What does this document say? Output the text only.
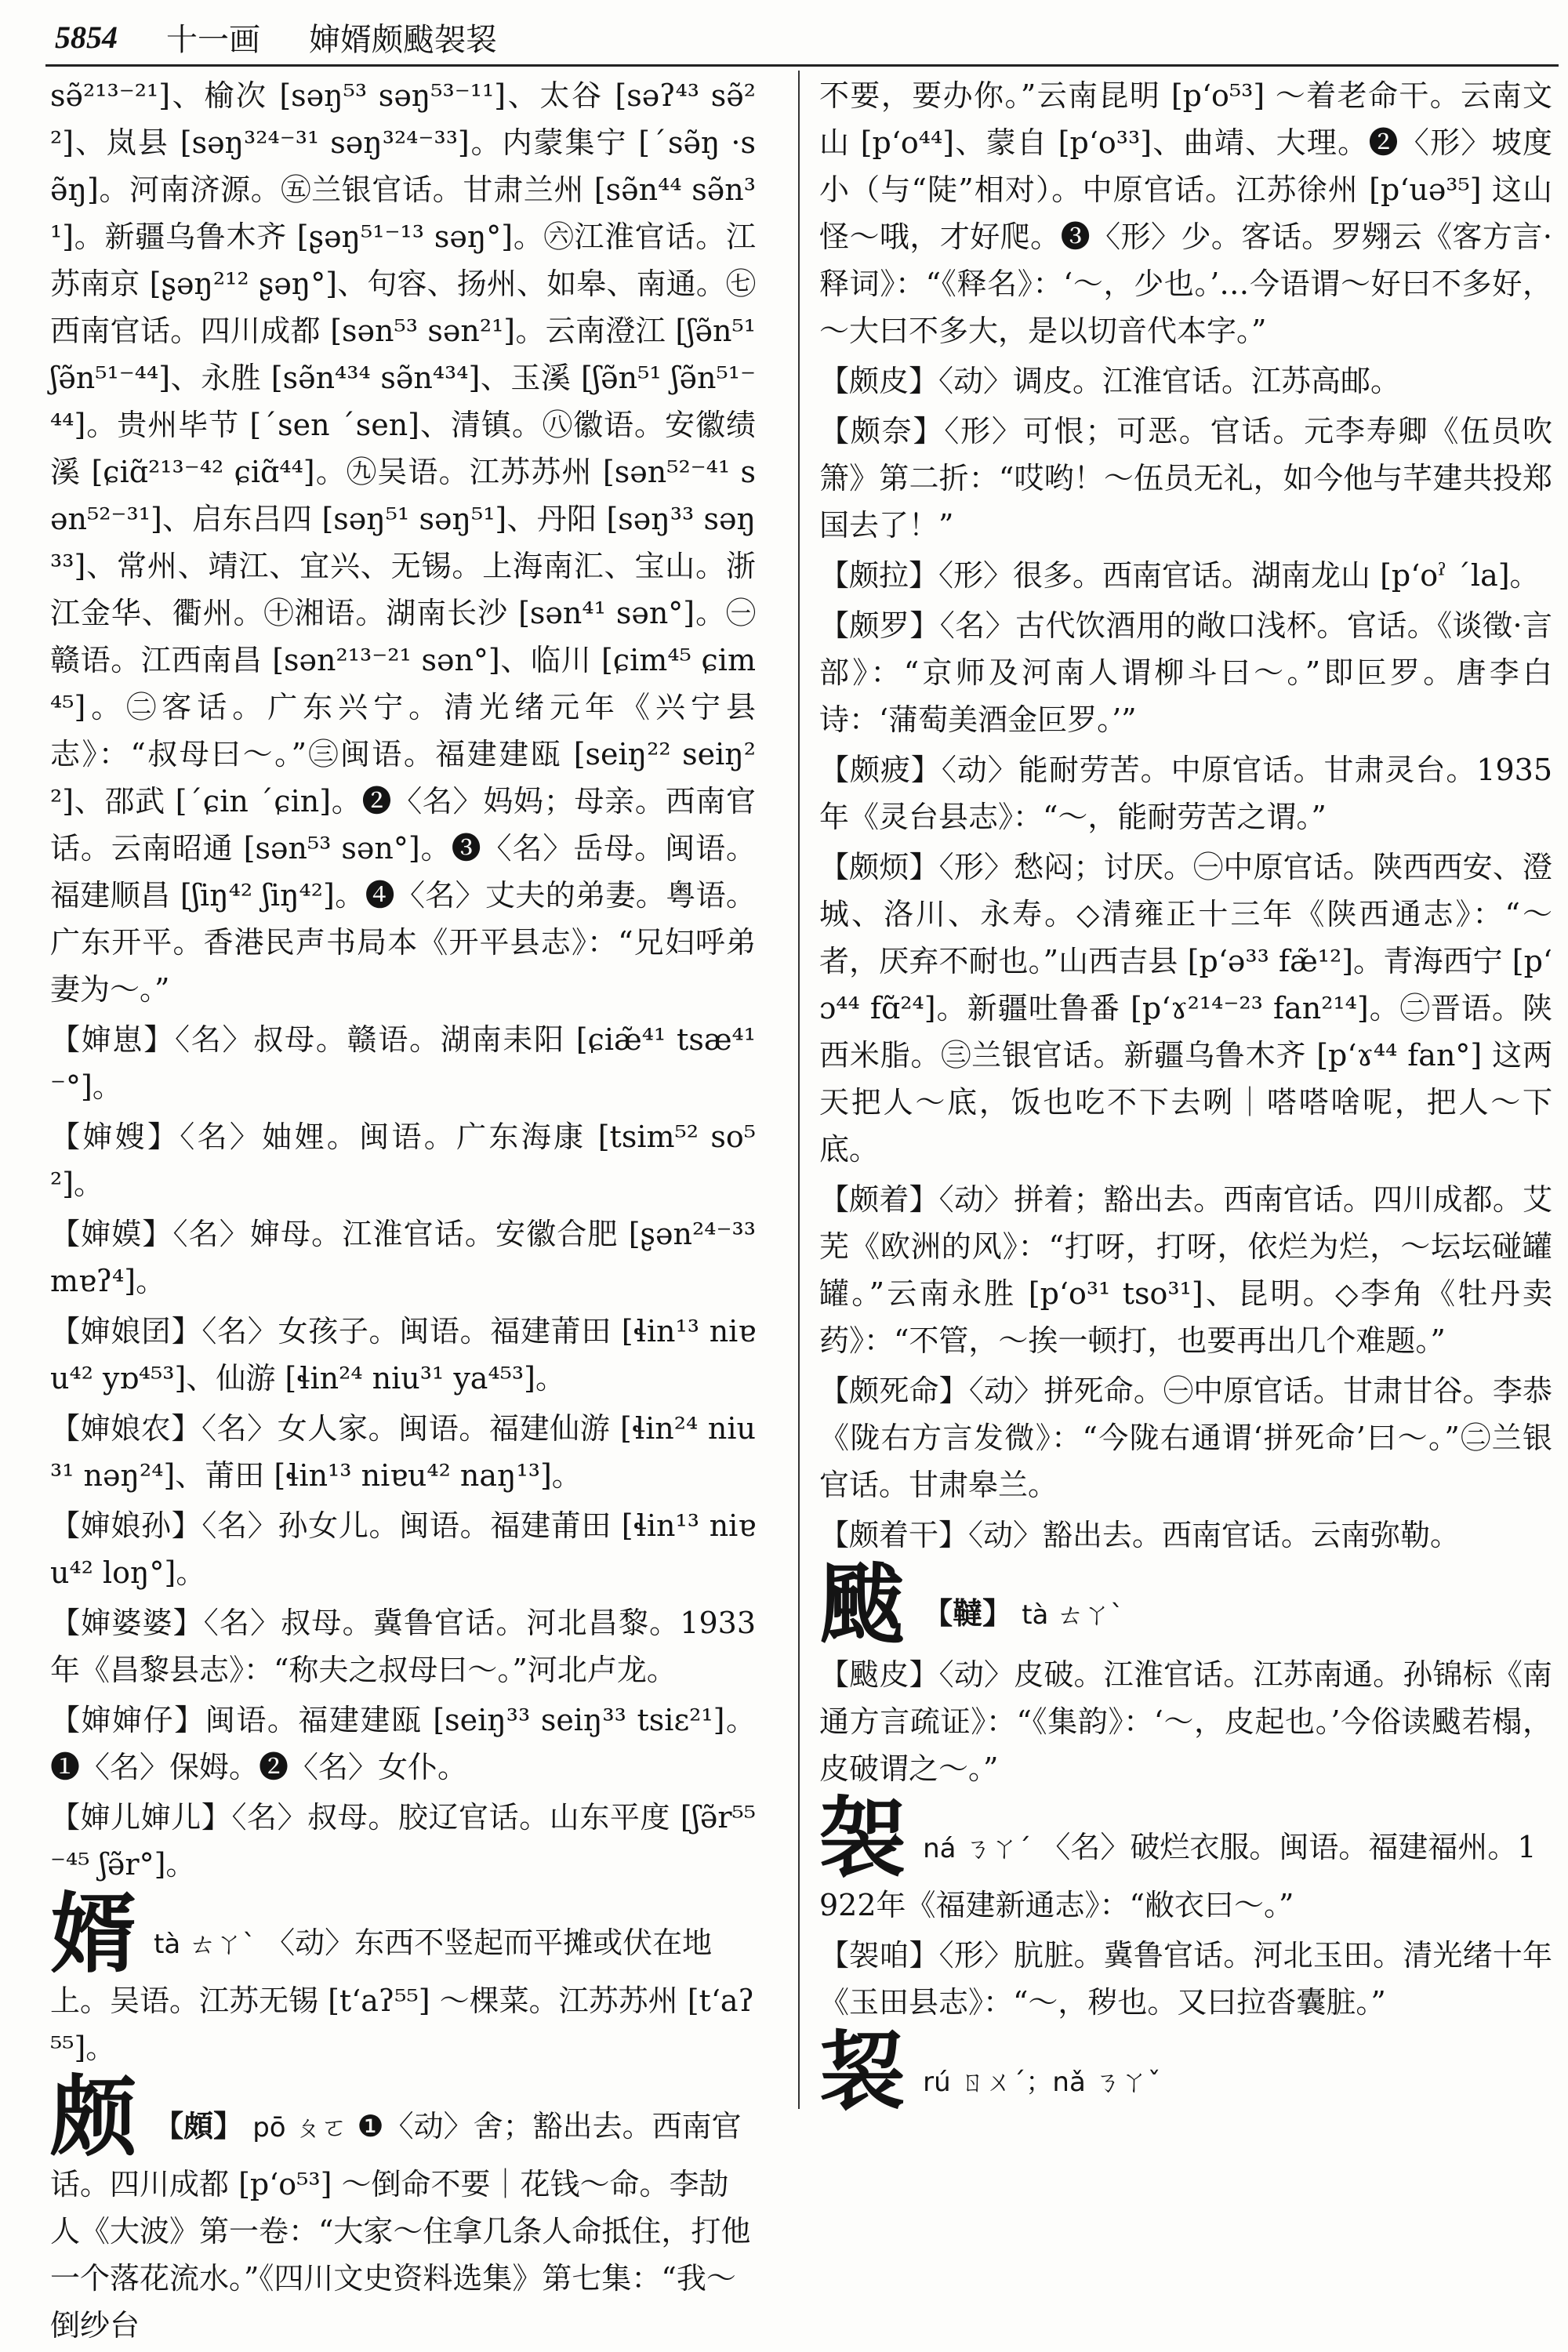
5854 十一画 婶婿颇颰袈袃

sə̃²¹³⁻²¹]、榆次 [səŋ⁵³ səŋ⁵³⁻¹¹]、太谷 [səʔ⁴³ sə̃²²]、岚县 [səŋ³²⁴⁻³¹ səŋ³²⁴⁻³³]。内蒙集宁 [ˊsə̃ŋ ·sə̃ŋ]。河南济源。㊄兰银官话。甘肃兰州 [sə̃n⁴⁴ sə̃n³¹]。新疆乌鲁木齐 [ʂəŋ⁵¹⁻¹³ səŋ°]。㊅江淮官话。江苏南京 [ʂəŋ²¹² ʂəŋ°]、句容、扬州、如皋、南通。㊆西南官话。四川成都 [sən⁵³ sən²¹]。云南澄江 [ʃə̃n⁵¹ ʃə̃n⁵¹⁻⁴⁴]、永胜 [sə̃n⁴³⁴ sə̃n⁴³⁴]、玉溪 [ʃə̃n⁵¹ ʃə̃n⁵¹⁻⁴⁴]。贵州毕节 [ˊsen ˊsen]、清镇。㊇徽语。安徽绩溪 [ɕiɑ̃²¹³⁻⁴² ɕiɑ̃⁴⁴]。㊈吴语。江苏苏州 [sən⁵²⁻⁴¹ sən⁵²⁻³¹]、启东吕四 [səŋ⁵¹ səŋ⁵¹]、丹阳 [səŋ³³ səŋ³³]、常州、靖江、宜兴、无锡。上海南汇、宝山。浙江金华、衢州。㊉湘语。湖南长沙 [sən⁴¹ sən°]。㊀赣语。江西南昌 [sən²¹³⁻²¹ sən°]、临川 [ɕim⁴⁵ ɕim⁴⁵]。㊁客话。广东兴宁。清光绪元年《兴宁县志》：“叔母曰～。”㊂闽语。福建建瓯 [seiŋ²² seiŋ²²]、邵武 [ˊɕin ˊɕin]。❷〈名〉妈妈；母亲。西南官话。云南昭通 [sən⁵³ sən°]。❸〈名〉岳母。闽语。福建顺昌 [ʃiŋ⁴² ʃiŋ⁴²]。❹〈名〉丈夫的弟妻。粤语。广东开平。香港民声书局本《开平县志》：“兄妇呼弟妻为～。”

【婶崽】〈名〉叔母。赣语。湖南耒阳 [ɕiæ̃⁴¹ tsæ⁴¹⁻°]。

【婶嫂】〈名〉妯娌。闽语。广东海康 [tsim⁵² so⁵²]。

【婶嫫】〈名〉婶母。江淮官话。安徽合肥 [ʂən²⁴⁻³³ mɐʔ⁴]。

【婶娘囝】〈名〉女孩子。闽语。福建莆田 [ɬin¹³ niɐu⁴² yɒ⁴⁵³]、仙游 [ɬin²⁴ niu³¹ ya⁴⁵³]。

【婶娘农】〈名〉女人家。闽语。福建仙游 [ɬin²⁴ niu³¹ nəŋ²⁴]、莆田 [ɬin¹³ niɐu⁴² naŋ¹³]。

【婶娘孙】〈名〉孙女儿。闽语。福建莆田 [ɬin¹³ niɐu⁴² loŋ°]。

【婶婆婆】〈名〉叔母。冀鲁官话。河北昌黎。1933年《昌黎县志》：“称夫之叔母曰～。”河北卢龙。

【婶婶仔】闽语。福建建瓯 [seiŋ³³ seiŋ³³ tsiɛ²¹]。❶〈名〉保姆。❷〈名〉女仆。

【婶儿婶儿】〈名〉叔母。胶辽官话。山东平度 [ʃə̃r⁵⁵⁻⁴⁵ ʃə̃r°]。

婿 tà ㄊㄚˋ 〈动〉东西不竖起而平摊或伏在地上。吴语。江苏无锡 [tʻaʔ⁵⁵] ～棵菜。江苏苏州 [tʻaʔ⁵⁵]。
颇 【頗】 pō ㄆㄛ ❶〈动〉舍；豁出去。西南官话。四川成都 [pʻo⁵³] ～倒命不要｜花钱～命。李劼人《大波》第一卷：“大家～住拿几条人命抵住，打他一个落花流水。”《四川文史资料选集》第七集：“我～倒纱台

不要，要办你。”云南昆明 [pʻo⁵³] ～着老命干。云南文山 [pʻo⁴⁴]、蒙自 [pʻo³³]、曲靖、大理。❷〈形〉坡度小（与“陡”相对）。中原官话。江苏徐州 [pʻuə³⁵] 这山怪～哦，才好爬。❸〈形〉少。客话。罗翙云《客方言·释词》：“《释名》：‘～，少也。’…今语谓～好曰不多好，～大曰不多大，是以切音代本字。”

【颇皮】〈动〉调皮。江淮官话。江苏高邮。

【颇奈】〈形〉可恨；可恶。官话。元李寿卿《伍员吹箫》第二折：“哎哟！～伍员无礼，如今他与芊建共投郑国去了！”

【颇拉】〈形〉很多。西南官话。湖南龙山 [pʻoˀ ˊla]。

【颇罗】〈名〉古代饮酒用的敞口浅杯。官话。《谈徵·言部》：“京师及河南人谓柳斗曰～。”即叵罗。唐李白诗：‘蒲萄美酒金叵罗。’”

【颇疲】〈动〉能耐劳苦。中原官话。甘肃灵台。1935年《灵台县志》：“～，能耐劳苦之谓。”

【颇烦】〈形〉愁闷；讨厌。㊀中原官话。陕西西安、澄城、洛川、永寿。◇清雍正十三年《陕西通志》：“～者，厌弃不耐也。”山西吉县 [pʻə³³ fæ̃¹²]。青海西宁 [pʻɔ⁴⁴ fɑ̃²⁴]。新疆吐鲁番 [pʻɤ²¹⁴⁻²³ fan²¹⁴]。㊁晋语。陕西米脂。㊂兰银官话。新疆乌鲁木齐 [pʻɤ⁴⁴ fan°] 这两天把人～底，饭也吃不下去咧｜嗒嗒啥呢，把人～下底。

【颇着】〈动〉拼着；豁出去。西南官话。四川成都。艾芜《欧洲的风》：“打呀，打呀，依烂为烂，～坛坛碰罐罐。”云南永胜 [pʻo³¹ tso³¹]、昆明。◇李角《牡丹卖药》：“不管，～挨一顿打，也要再出几个难题。”

【颇死命】〈动〉拼死命。㊀中原官话。甘肃甘谷。李恭《陇右方言发微》：“今陇右通谓‘拼死命’曰～。”㊁兰银官话。甘肃皋兰。

【颇着干】〈动〉豁出去。西南官话。云南弥勒。

颰 【韃】 tà ㄊㄚˋ

【颰皮】〈动〉皮破。江淮官话。江苏南通。孙锦标《南通方言疏证》：“《集韵》：‘～，皮起也。’今俗读颰若榻，皮破谓之～。”

袈 ná ㄋㄚˊ 〈名〉破烂衣服。闽语。福建福州。1922年《福建新通志》：“敝衣曰～。”

【袈咱】〈形〉肮脏。冀鲁官话。河北玉田。清光绪十年《玉田县志》：“～，秽也。又曰拉沓囊脏。”

袃 rú ㄖㄨˊ；nǎ ㄋㄚˇ
